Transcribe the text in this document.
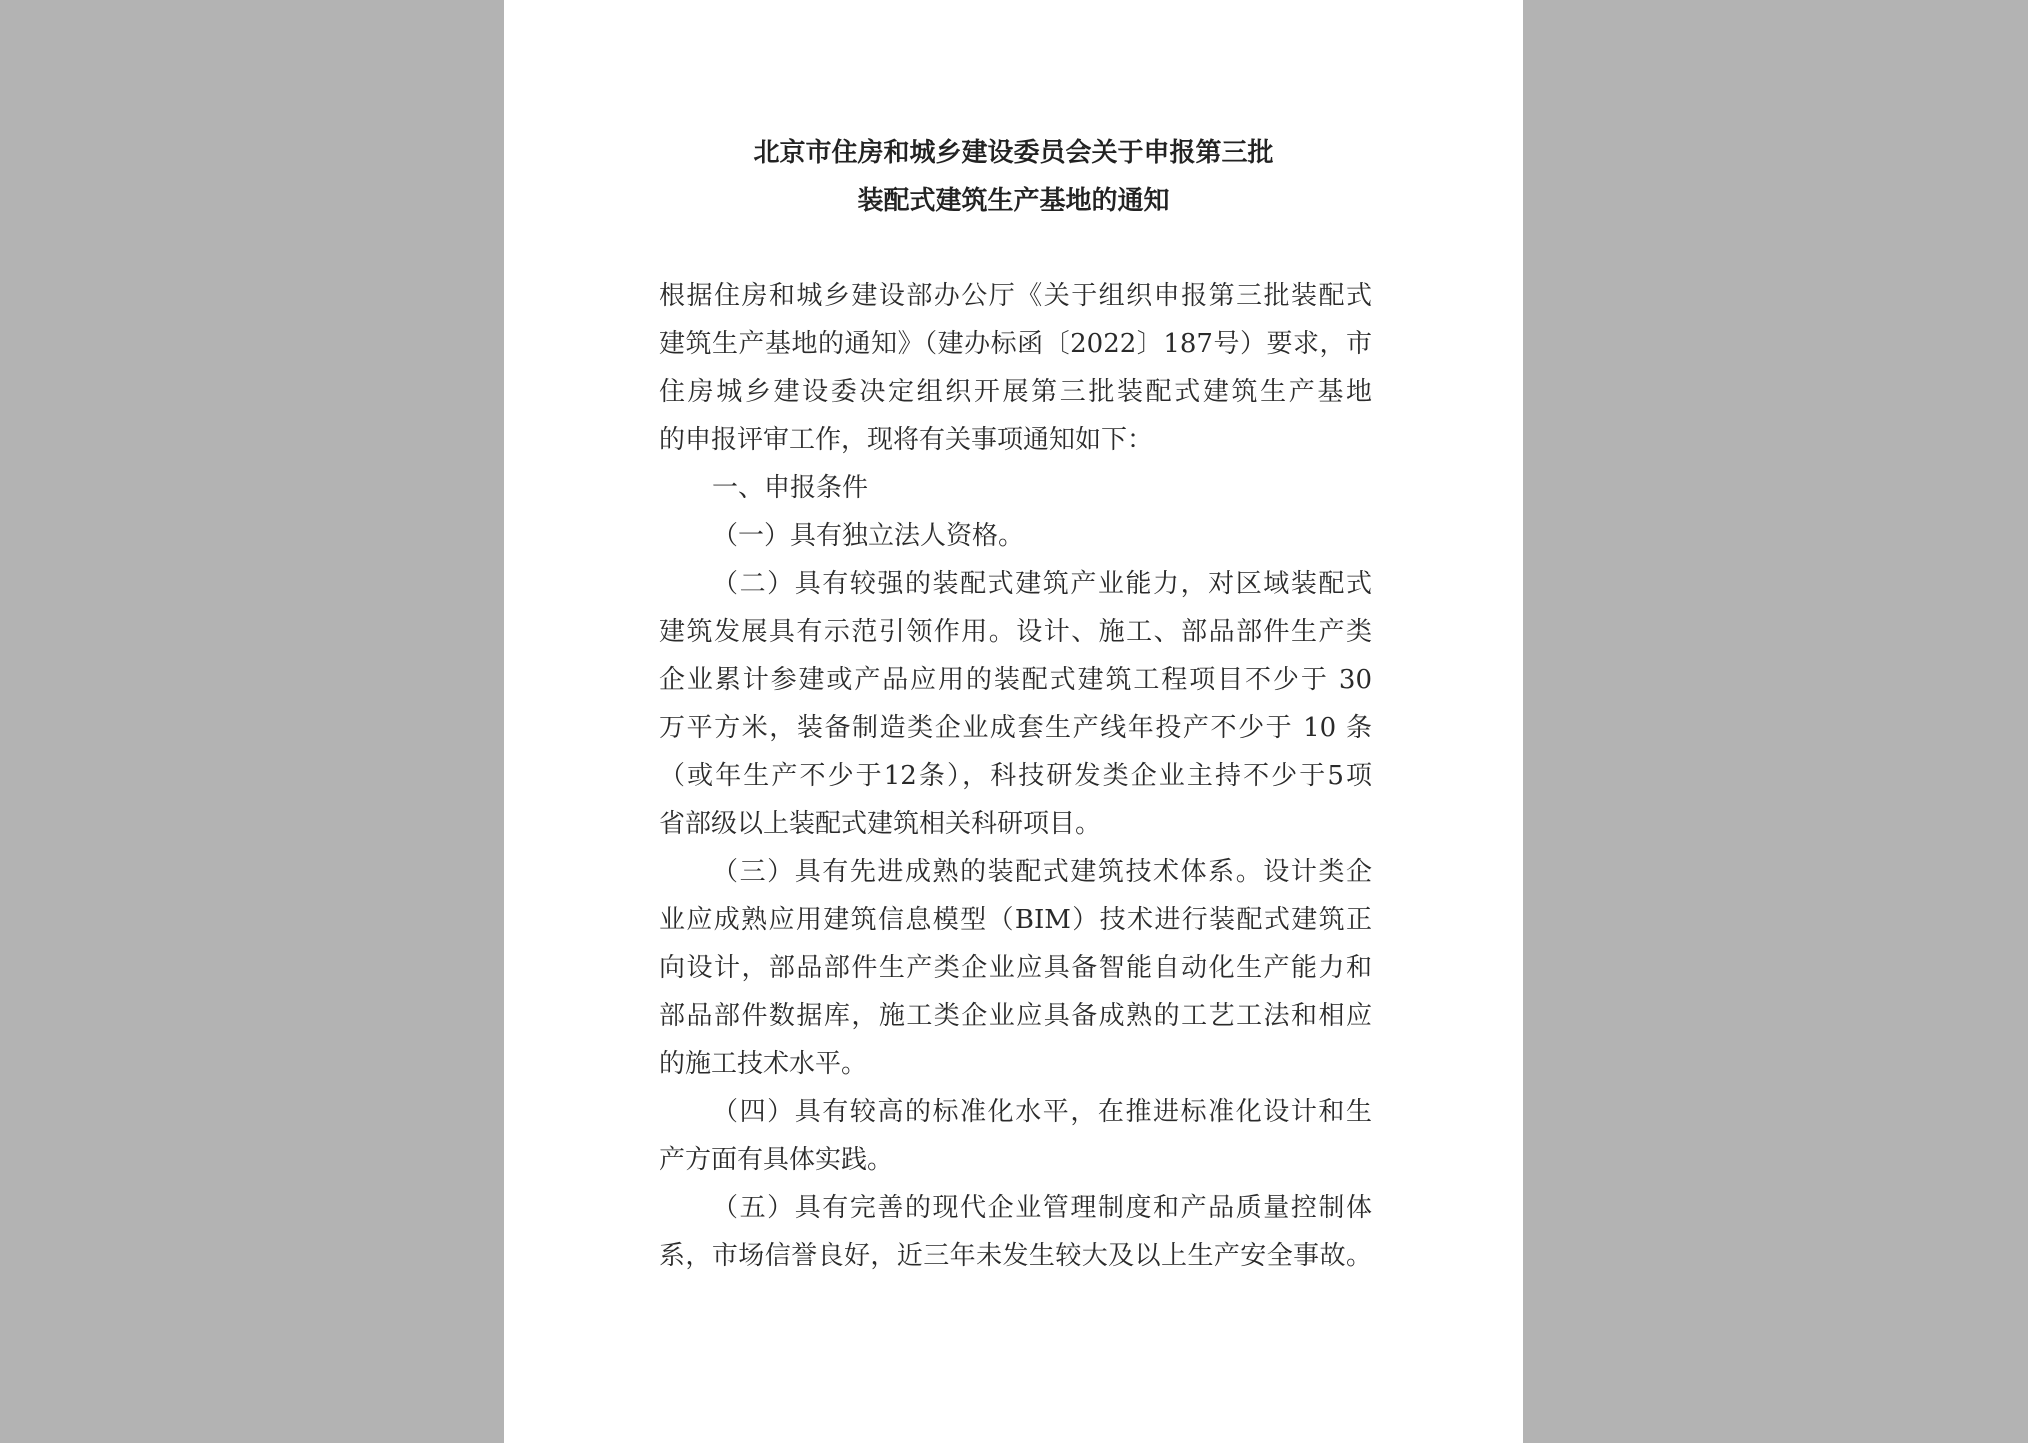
北京市住房和城乡建设委员会关于申报第三批
装配式建筑生产基地的通知
根据住房和城乡建设部办公厅《关于组织申报第三批装配式
建筑生产基地的通知》（建办标函〔2022〕187号）要求，市
住房城乡建设委决定组织开展第三批装配式建筑生产基地
的申报评审工作，现将有关事项通知如下：
一、申报条件
（一）具有独立法人资格。
（二）具有较强的装配式建筑产业能力，对区域装配式
建筑发展具有示范引领作用。设计、施工、部品部件生产类
企业累计参建或产品应用的装配式建筑工程项目不少于 30
万平方米，装备制造类企业成套生产线年投产不少于 10 条
（或年生产不少于12条），科技研发类企业主持不少于5项
省部级以上装配式建筑相关科研项目。
（三）具有先进成熟的装配式建筑技术体系。设计类企
业应成熟应用建筑信息模型（BIM）技术进行装配式建筑正
向设计，部品部件生产类企业应具备智能自动化生产能力和
部品部件数据库，施工类企业应具备成熟的工艺工法和相应
的施工技术水平。
（四）具有较高的标准化水平，在推进标准化设计和生
产方面有具体实践。
（五）具有完善的现代企业管理制度和产品质量控制体
系，市场信誉良好，近三年未发生较大及以上生产安全事故。
